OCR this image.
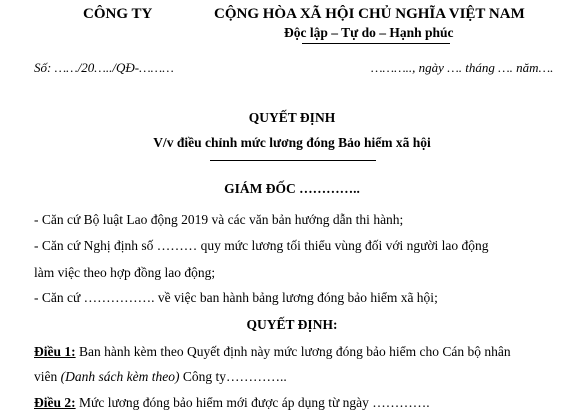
CÔNG TY	CỘNG HÒA XÃ HỘI CHỦ NGHĨA VIỆT NAM
Độc lập – Tự do – Hạnh phúc
Số: ……/20…../QĐ-………	……….., ngày …. tháng …. năm….
QUYẾT ĐỊNH
V/v điều chỉnh mức lương đóng Bảo hiểm xã hội
GIÁM ĐỐC …………..
- Căn cứ Bộ luật Lao động 2019 và các văn bản hướng dẫn thi hành;
- Căn cứ Nghị định số ……… quy mức lương tối thiểu vùng đối với người lao động
làm việc theo hợp đồng lao động;
- Căn cứ ……………. về việc ban hành bảng lương đóng bảo hiểm xã hội;
QUYẾT ĐỊNH:
Điều 1: Ban hành kèm theo Quyết định này mức lương đóng bảo hiểm cho Cán bộ nhân
viên (Danh sách kèm theo) Công ty…………..
Điều 2: Mức lương đóng bảo hiểm mới được áp dụng từ ngày ………….
